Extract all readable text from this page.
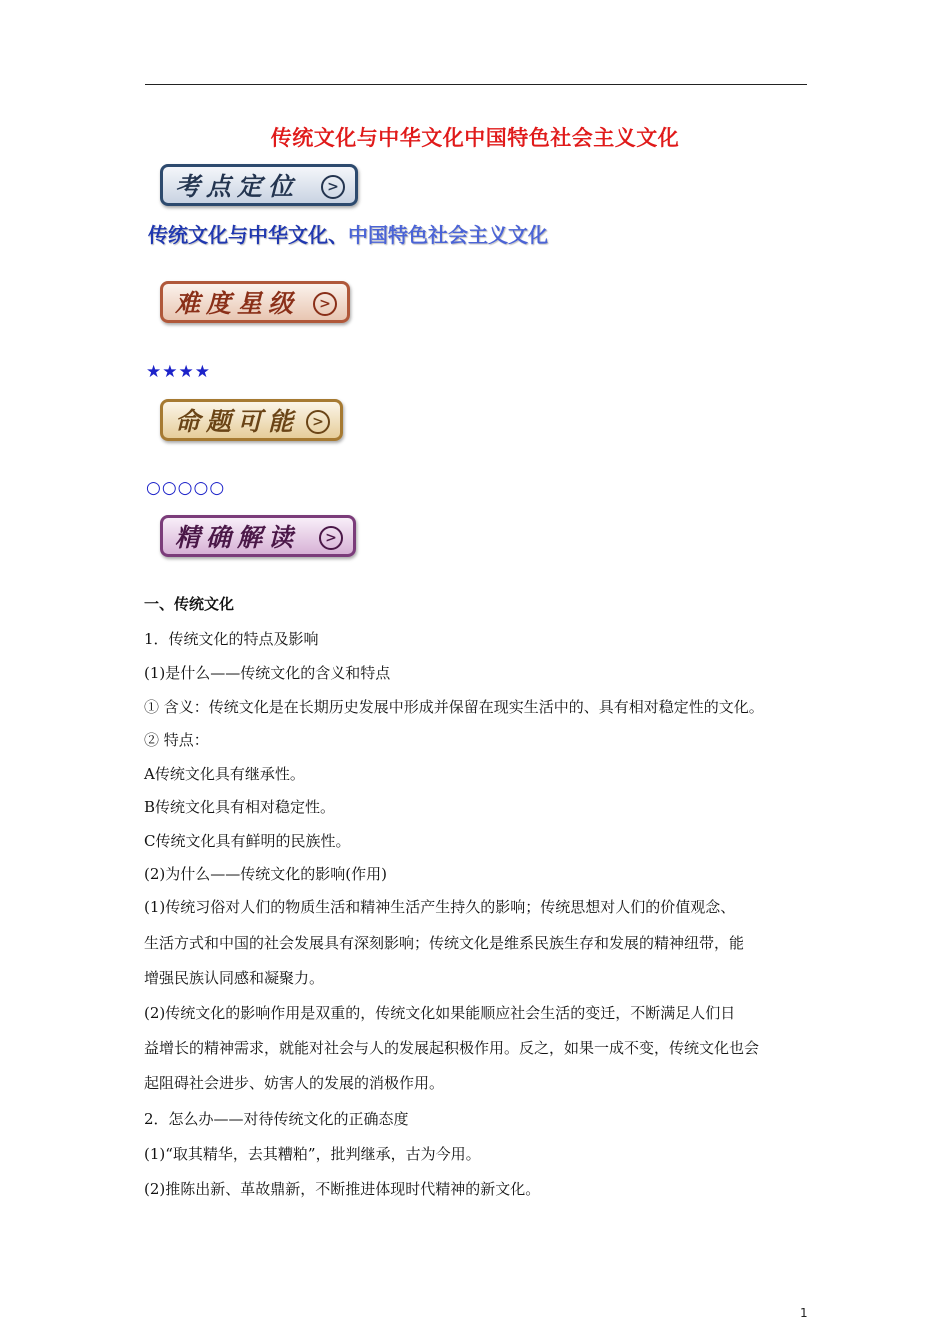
传统文化与中华文化中国特色社会主义文化
考点定位	>
传统文化与中华文化、中国特色社会主义文化
难度星级	>
★★★★
命题可能 >
○○○○○
精确解读	>
一、传统文化
1．传统文化的特点及影响
(1)是什么——传统文化的含义和特点
① 含义：传统文化是在长期历史发展中形成并保留在现实生活中的、具有相对稳定性的文化。
② 特点：
A传统文化具有继承性。
B传统文化具有相对稳定性。
C传统文化具有鲜明的民族性。
(2)为什么——传统文化的影响(作用)
(1)传统习俗对人们的物质生活和精神生活产生持久的影响；传统思想对人们的价值观念、
生活方式和中国的社会发展具有深刻影响；传统文化是维系民族生存和发展的精神纽带，能
增强民族认同感和凝聚力。
(2)传统文化的影响作用是双重的，传统文化如果能顺应社会生活的变迁，不断满足人们日
益增长的精神需求，就能对社会与人的发展起积极作用。反之，如果一成不变，传统文化也会
起阻碍社会进步、妨害人的发展的消极作用。
2．怎么办——对待传统文化的正确态度
(1)“取其精华，去其糟粕”，批判继承，古为今用。
(2)推陈出新、革故鼎新，不断推进体现时代精神的新文化。
1
